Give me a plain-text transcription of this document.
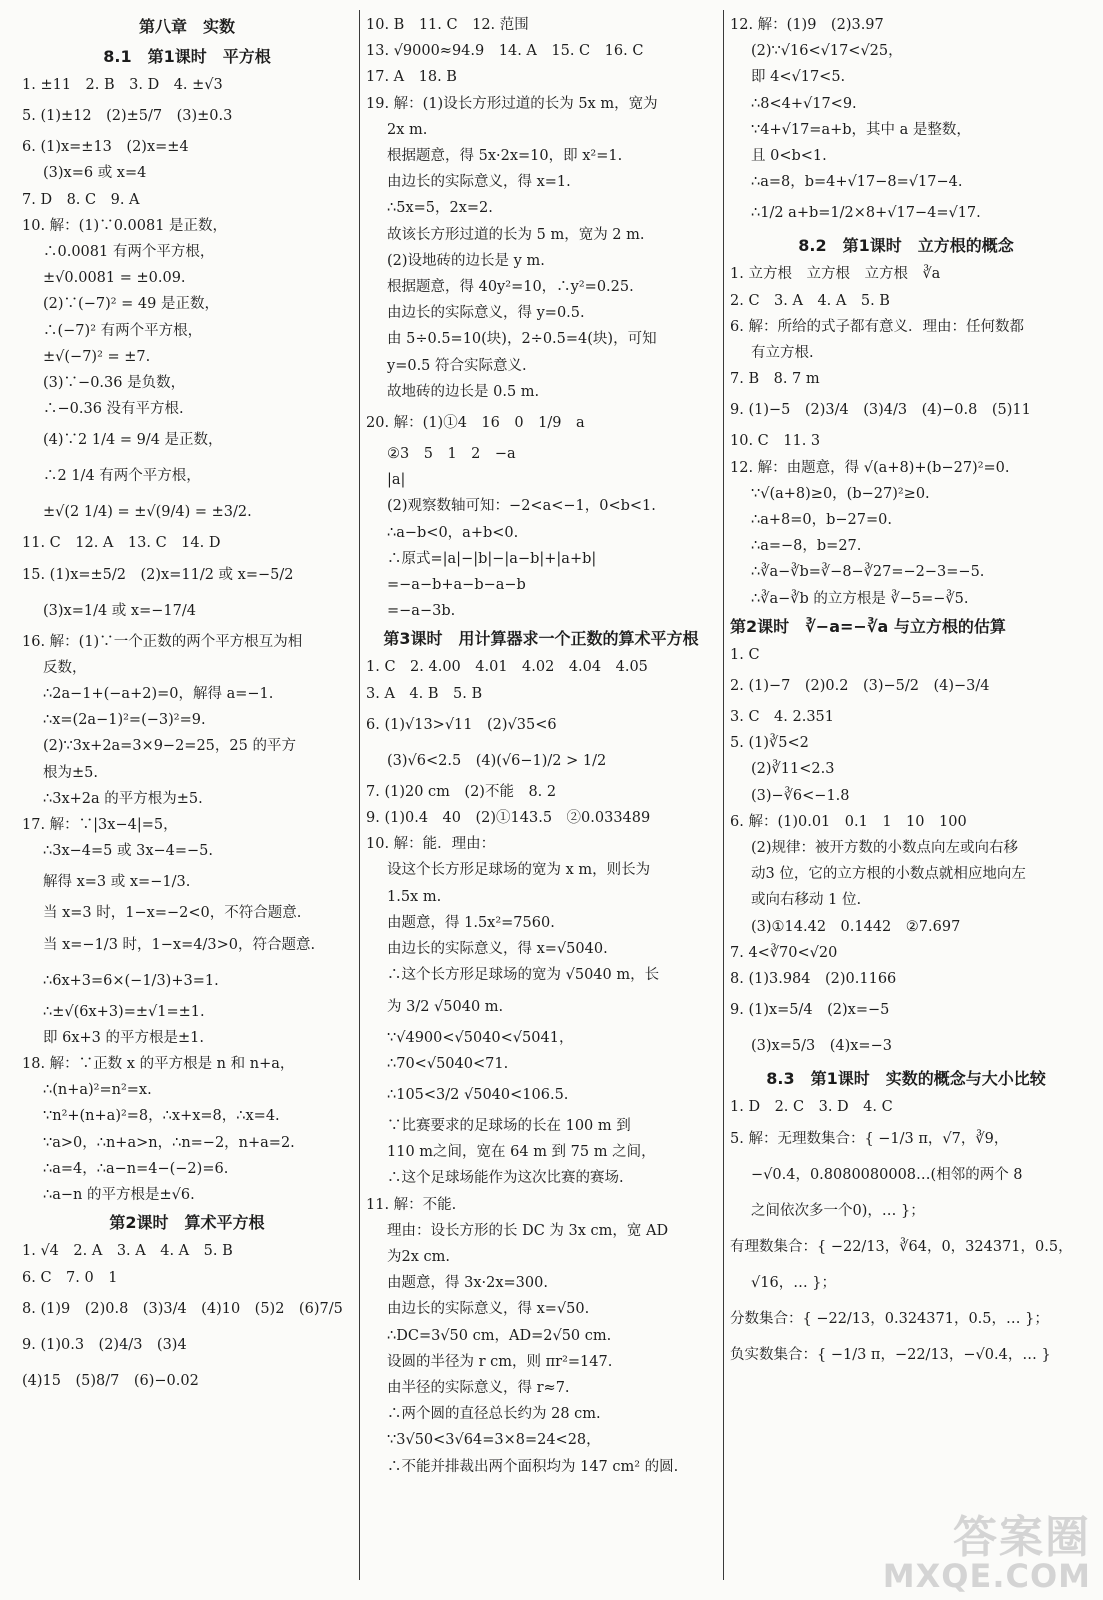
第八章　实数
8.1　第1课时　平方根
1. ±11　2. B　3. D　4. ±√3
5. (1)±12　(2)±5/7　(3)±0.3
6. (1)x=±13　(2)x=±4
(3)x=6 或 x=4
7. D　8. C　9. A
10. 解：(1)∵0.0081 是正数，
∴0.0081 有两个平方根，
±√0.0081 = ±0.09.
(2)∵(−7)² = 49 是正数，
∴(−7)² 有两个平方根，
±√(−7)² = ±7.
(3)∵−0.36 是负数，
∴−0.36 没有平方根.
(4)∵2 1/4 = 9/4 是正数，
∴2 1/4 有两个平方根，
±√(2 1/4) = ±√(9/4) = ±3/2.
11. C　12. A　13. C　14. D
15. (1)x=±5/2　(2)x=11/2 或 x=−5/2
(3)x=1/4 或 x=−17/4
16. 解：(1)∵一个正数的两个平方根互为相
反数，
∴2a−1+(−a+2)=0，解得 a=−1.
∴x=(2a−1)²=(−3)²=9.
(2)∵3x+2a=3×9−2=25，25 的平方
根为±5.
∴3x+2a 的平方根为±5.
17. 解：∵|3x−4|=5，
∴3x−4=5 或 3x−4=−5.
解得 x=3 或 x=−1/3.
当 x=3 时，1−x=−2<0，不符合题意.
当 x=−1/3 时，1−x=4/3>0，符合题意.
∴6x+3=6×(−1/3)+3=1.
∴±√(6x+3)=±√1=±1.
即 6x+3 的平方根是±1.
18. 解：∵正数 x 的平方根是 n 和 n+a，
∴(n+a)²=n²=x.
∵n²+(n+a)²=8，∴x+x=8，∴x=4.
∵a>0，∴n+a>n，∴n=−2，n+a=2.
∴a=4，∴a−n=4−(−2)=6.
∴a−n 的平方根是±√6.
第2课时　算术平方根
1. √4　2. A　3. A　4. A　5. B
6. C　7. 0　1
8. (1)9　(2)0.8　(3)3/4　(4)10　(5)2　(6)7/5
9. (1)0.3　(2)4/3　(3)4
(4)15　(5)8/7　(6)−0.02
10. B　11. C　12. 范围
13. √9000≈94.9　14. A　15. C　16. C
17. A　18. B
19. 解：(1)设长方形过道的长为 5x m，宽为
2x m.
根据题意，得 5x·2x=10，即 x²=1.
由边长的实际意义，得 x=1.
∴5x=5，2x=2.
故该长方形过道的长为 5 m，宽为 2 m.
(2)设地砖的边长是 y m.
根据题意，得 40y²=10，∴y²=0.25.
由边长的实际意义，得 y=0.5.
由 5÷0.5=10(块)，2÷0.5=4(块)，可知
y=0.5 符合实际意义.
故地砖的边长是 0.5 m.
20. 解：(1)①4　16　0　1/9　a
②3　5　1　2　−a
|a|
(2)观察数轴可知：−2<a<−1，0<b<1.
∴a−b<0，a+b<0.
∴原式=|a|−|b|−|a−b|+|a+b|
=−a−b+a−b−a−b
=−a−3b.
第3课时　用计算器求一个正数的算术平方根
1. C　2. 4.00　4.01　4.02　4.04　4.05
3. A　4. B　5. B
6. (1)√13>√11　(2)√35<6
(3)√6<2.5　(4)(√6−1)/2 > 1/2
7. (1)20 cm　(2)不能　8. 2
9. (1)0.4　40　(2)①143.5　②0.033489
10. 解：能．理由：
设这个长方形足球场的宽为 x m，则长为
1.5x m.
由题意，得 1.5x²=7560.
由边长的实际意义，得 x=√5040.
∴这个长方形足球场的宽为 √5040 m，长
为 3/2 √5040 m.
∵√4900<√5040<√5041，
∴70<√5040<71.
∴105<3/2 √5040<106.5.
∵比赛要求的足球场的长在 100 m 到
110 m之间，宽在 64 m 到 75 m 之间，
∴这个足球场能作为这次比赛的赛场.
11. 解：不能.
理由：设长方形的长 DC 为 3x cm，宽 AD
为2x cm.
由题意，得 3x·2x=300.
由边长的实际意义，得 x=√50.
∴DC=3√50 cm，AD=2√50 cm.
设圆的半径为 r cm，则 πr²=147.
由半径的实际意义，得 r≈7.
∴两个圆的直径总长约为 28 cm.
∵3√50<3√64=3×8=24<28，
∴不能并排裁出两个面积均为 147 cm² 的圆.
12. 解：(1)9　(2)3.97
(2)∵√16<√17<√25，
即 4<√17<5.
∴8<4+√17<9.
∵4+√17=a+b，其中 a 是整数，
且 0<b<1.
∴a=8，b=4+√17−8=√17−4.
∴1/2 a+b=1/2×8+√17−4=√17.
8.2　第1课时　立方根的概念
1. 立方根　立方根　立方根　∛a
2. C　3. A　4. A　5. B
6. 解：所给的式子都有意义．理由：任何数都
有立方根.
7. B　8. 7 m
9. (1)−5　(2)3/4　(3)4/3　(4)−0.8　(5)11
10. C　11. 3
12. 解：由题意，得 √(a+8)+(b−27)²=0.
∵√(a+8)≥0，(b−27)²≥0.
∴a+8=0，b−27=0.
∴a=−8，b=27.
∴∛a−∛b=∛−8−∛27=−2−3=−5.
∴∛a−∛b 的立方根是 ∛−5=−∛5.
第2课时　∛−a=−∛a 与立方根的估算
1. C
2. (1)−7　(2)0.2　(3)−5/2　(4)−3/4
3. C　4. 2.351
5. (1)∛5<2
(2)∛11<2.3
(3)−∛6<−1.8
6. 解：(1)0.01　0.1　1　10　100
(2)规律：被开方数的小数点向左或向右移
动3 位，它的立方根的小数点就相应地向左
或向右移动 1 位.
(3)①14.42　0.1442　②7.697
7. 4<∛70<√20
8. (1)3.984　(2)0.1166
9. (1)x=5/4　(2)x=−5
(3)x=5/3　(4)x=−3
8.3　第1课时　实数的概念与大小比较
1. D　2. C　3. D　4. C
5. 解：无理数集合：{ −1/3 π，√7，∛9，
−√0.4，0.8080080008…(相邻的两个 8
之间依次多一个0)，… }；
有理数集合：{ −22/13，∛64，0，324371，0.5，
√16，… }；
分数集合：{ −22/13，0.324371，0.5，… }；
负实数集合：{ −1/3 π，−22/13，−√0.4，… }
答案圈
MXQE.COM
